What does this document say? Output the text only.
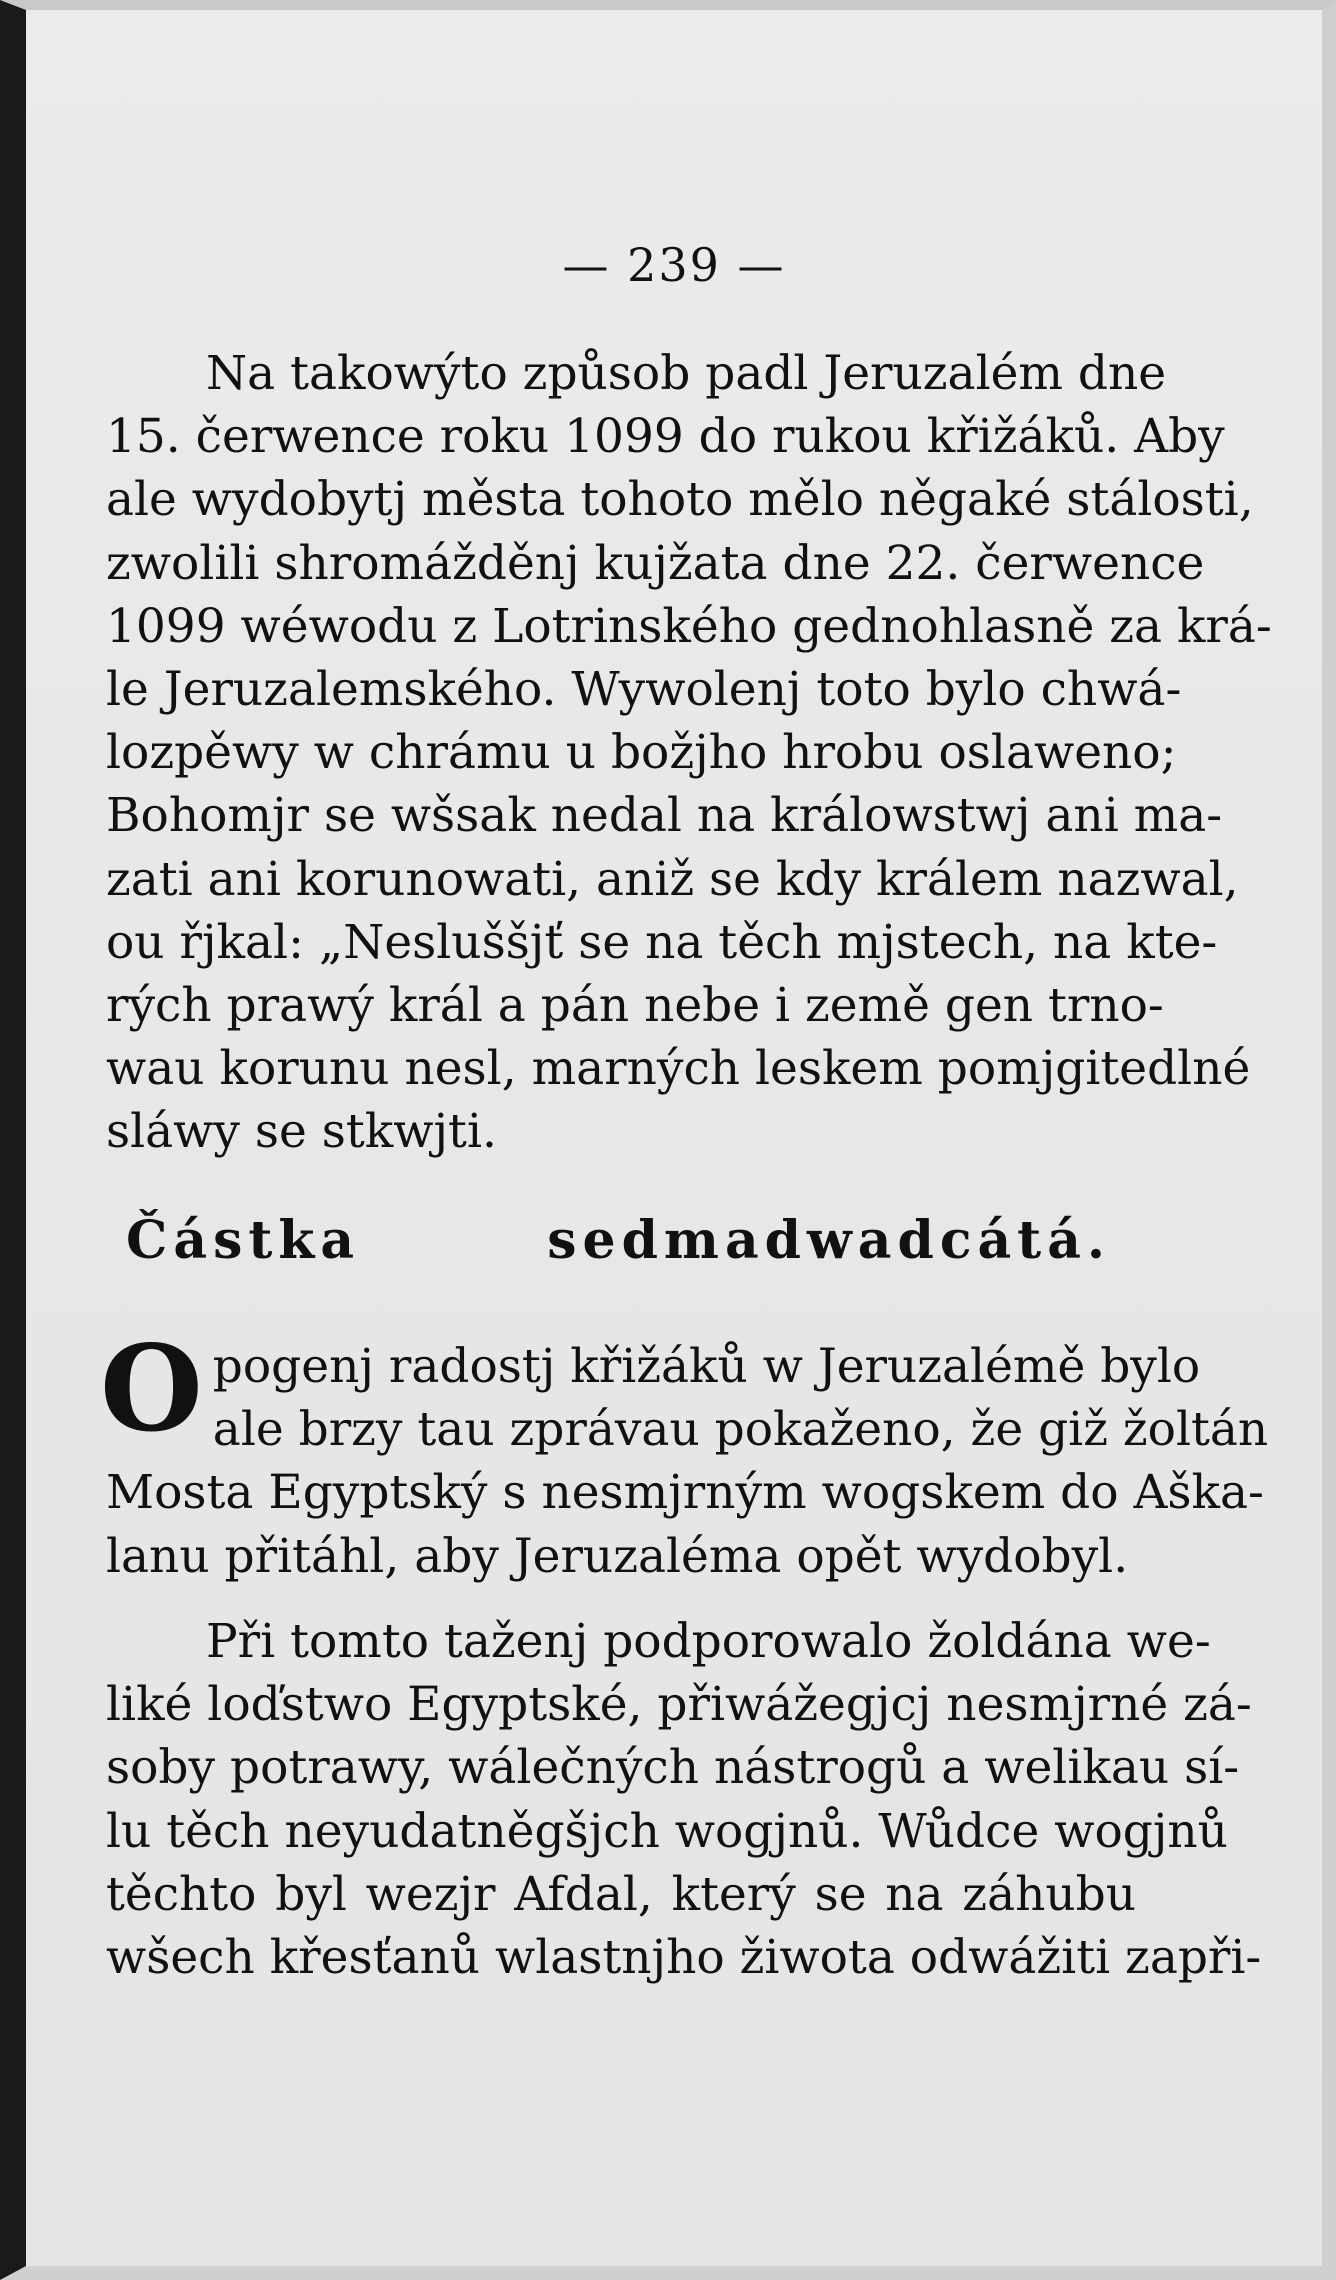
— 239 —
Na takowýto způsob padl Jeruzalém dne
15. čerwence roku 1099 do rukou křižáků. Aby
ale wydobytj města tohoto mělo něgaké stálosti,
zwolili shromážděnj kujžata dne 22. čerwence
1099 wéwodu z Lotrinského gednohlasně za krá-
le Jeruzalemského. Wywolenj toto bylo chwá-
lozpěwy w chrámu u božjho hrobu oslaweno;
Bohomjr se wšsak nedal na králowstwj ani ma-
zati ani korunowati, aniž se kdy králem nazwal,
ou řjkal: „Nesluššjť se na těch mjstech, na kte-
rých prawý král a pán nebe i země gen trno-
wau korunu nesl, marných leskem pomjgitedlné
sláwy se stkwjti.
Částka sedmadwadcátá.
O pogenj radostj křižáků w Jeruzalémě bylo
ale brzy tau zprávau pokaženo, že giž žoltán
Mosta Egyptský s nesmjrným wogskem do Aška-
lanu přitáhl, aby Jeruzaléma opět wydobyl.
Při tomto taženj podporowalo žoldána we-
liké loďstwo Egyptské, přiwážegjcj nesmjrné zá-
soby potrawy, wálečných nástrogů a welikau sí-
lu těch neyudatněgšjch wogjnů. Wůdce wogjnů
těchto byl wezjr Afdal, který se na záhubu
wšech křesťanů wlastnjho žiwota odwážiti zapři-
